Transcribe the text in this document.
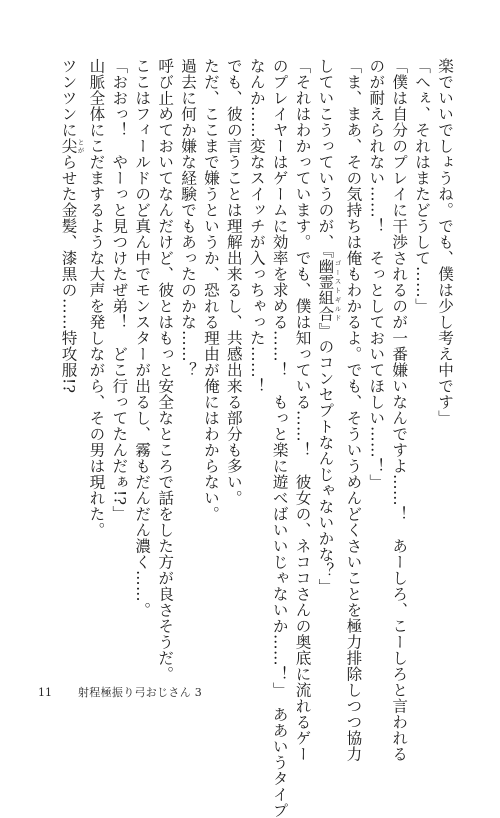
楽でいいでしょうね。でも、僕は少し考え中です」

「へぇ、それはまたどうして……」

「僕は自分のプレイに干渉されるのが一番嫌いなんですよ……！　あーしろ、こーしろと言われる

のが耐えられない……！　そっとしておいてほしい……！」

「ま、まあ、その気持ちは俺もわかるよ。でも、そういうめんどくさいことを極力排除しつつ協力

していこうっていうのが、『幽霊組合 ゴーストギルド』のコンセプトなんじゃないかな？」

「それはわかっています。でも、僕は知っている……！　彼女の、ネココさんの奥底に流れるゲー

のプレイヤーはゲームに効率を求める……！　もっと楽に遊べばいいじゃないか……！」　ああいうタイプ

なんか……変なスイッチが入っちゃった……！

でも、彼の言うことは理解出来るし、共感出来る部分も多い。

ただ、ここまで嫌うというか、恐れる理由が俺にはわからない。

過去に何か嫌な経験でもあったのかな……？

呼び止めておいてなんだけど、彼とはもっと安全なところで話をした方が良さそうだ。

ここはフィールドのど真ん中でモンスターが出るし、霧もだんだん濃く……。

「おおっ！　やーっと見つけたぜ弟！　どこ行ってたんだぁ!?」

山脈全体にこだまするような大声を発しながら、その男は現れた。

ツンツンに尖 とがらせた金髪、漆黒の……特攻服!?

11 射程極振り弓おじさん 3
